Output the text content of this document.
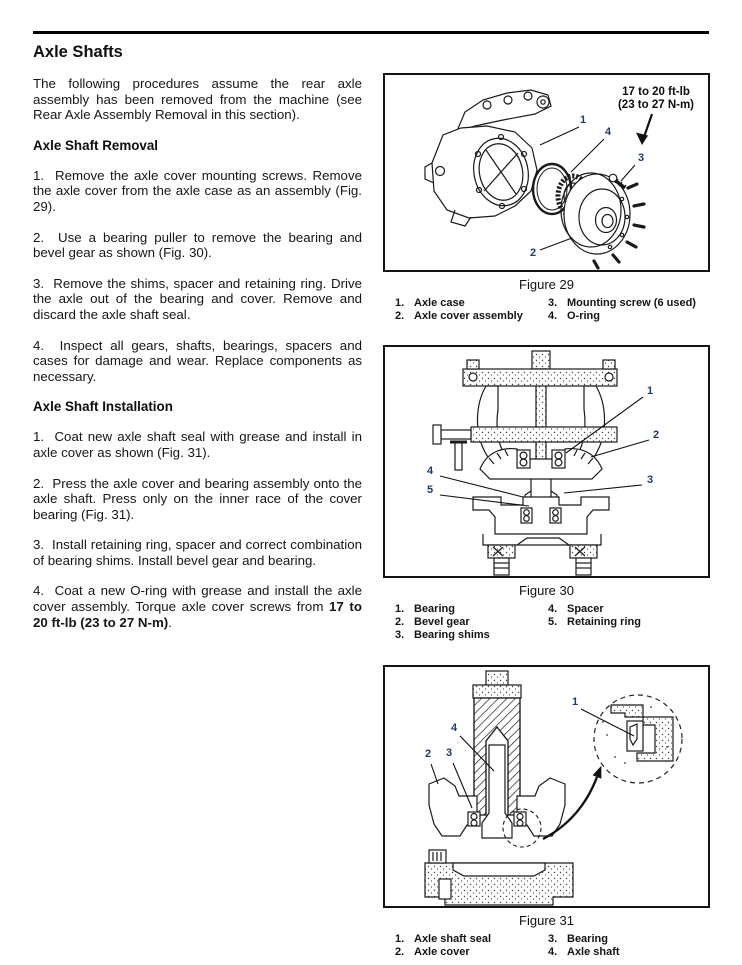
Axle Shafts

The following procedures assume the rear axle assembly has been removed from the machine (see Rear Axle Assembly Removal in this section).

Axle Shaft Removal

1.  Remove the axle cover mounting screws. Remove the axle cover from the axle case as an assembly (Fig. 29).

2.  Use a bearing puller to remove the bearing and bevel gear as shown (Fig. 30).

3.  Remove the shims, spacer and retaining ring. Drive the axle out of the bearing and cover. Remove and discard the axle shaft seal.

4.  Inspect all gears, shafts, bearings, spacers and cases for damage and wear. Replace components as necessary.

Axle Shaft Installation

1.  Coat new axle shaft seal with grease and install in axle cover as shown (Fig. 31).

2.  Press the axle cover and bearing assembly onto the axle shaft. Press only on the inner race of the cover bearing (Fig. 31).

3.  Install retaining ring, spacer and correct combination of bearing shims. Install bevel gear and bearing.

4.  Coat a new O-ring with grease and install the axle cover assembly. Torque axle cover screws from 17 to 20 ft-lb (23 to 27 N-m).

1
4
3
2
17 to 20 ft-lb
(23 to 27 N-m)
Figure 29
1. Axle case
2. Axle cover assembly
3. Mounting screw (6 used)
4. O-ring
1
2
3
4
5
Figure 30
1. Bearing
2. Bevel gear
3. Bearing shims
4. Spacer
5. Retaining ring
1
4
2 3
Figure 31
1. Axle shaft seal
2. Axle cover
3. Bearing
4. Axle shaft
